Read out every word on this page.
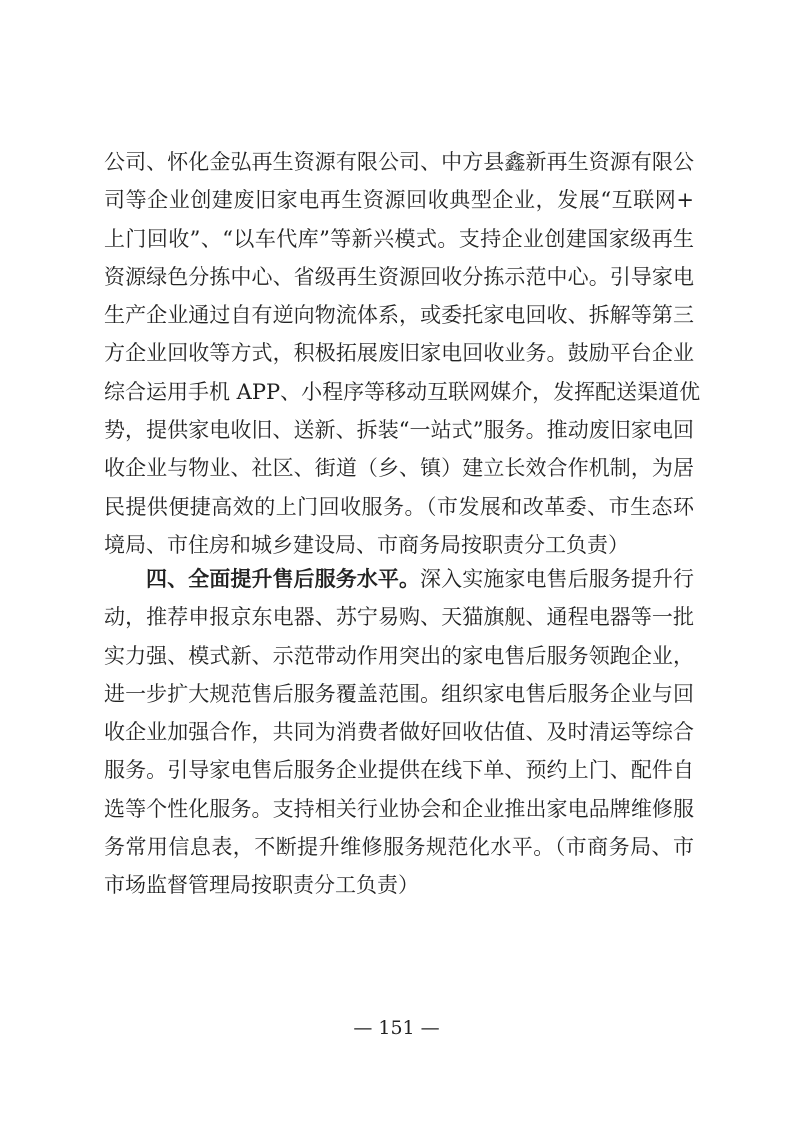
公司、怀化金弘再生资源有限公司、中方县鑫新再生资源有限公
司等企业创建废旧家电再生资源回收典型企业，发展“互联网+
上门回收”、“以车代库”等新兴模式。支持企业创建国家级再生
资源绿色分拣中心、省级再生资源回收分拣示范中心。引导家电
生产企业通过自有逆向物流体系，或委托家电回收、拆解等第三
方企业回收等方式，积极拓展废旧家电回收业务。鼓励平台企业
综合运用手机 APP、小程序等移动互联网媒介，发挥配送渠道优
势，提供家电收旧、送新、拆装“一站式”服务。推动废旧家电回
收企业与物业、社区、街道（乡、镇）建立长效合作机制，为居
民提供便捷高效的上门回收服务。（市发展和改革委、市生态环
境局、市住房和城乡建设局、市商务局按职责分工负责）
四、全面提升售后服务水平。深入实施家电售后服务提升行
动，推荐申报京东电器、苏宁易购、天猫旗舰、通程电器等一批
实力强、模式新、示范带动作用突出的家电售后服务领跑企业，
进一步扩大规范售后服务覆盖范围。组织家电售后服务企业与回
收企业加强合作，共同为消费者做好回收估值、及时清运等综合
服务。引导家电售后服务企业提供在线下单、预约上门、配件自
选等个性化服务。支持相关行业协会和企业推出家电品牌维修服
务常用信息表，不断提升维修服务规范化水平。（市商务局、市
市场监督管理局按职责分工负责）
— 151 —
